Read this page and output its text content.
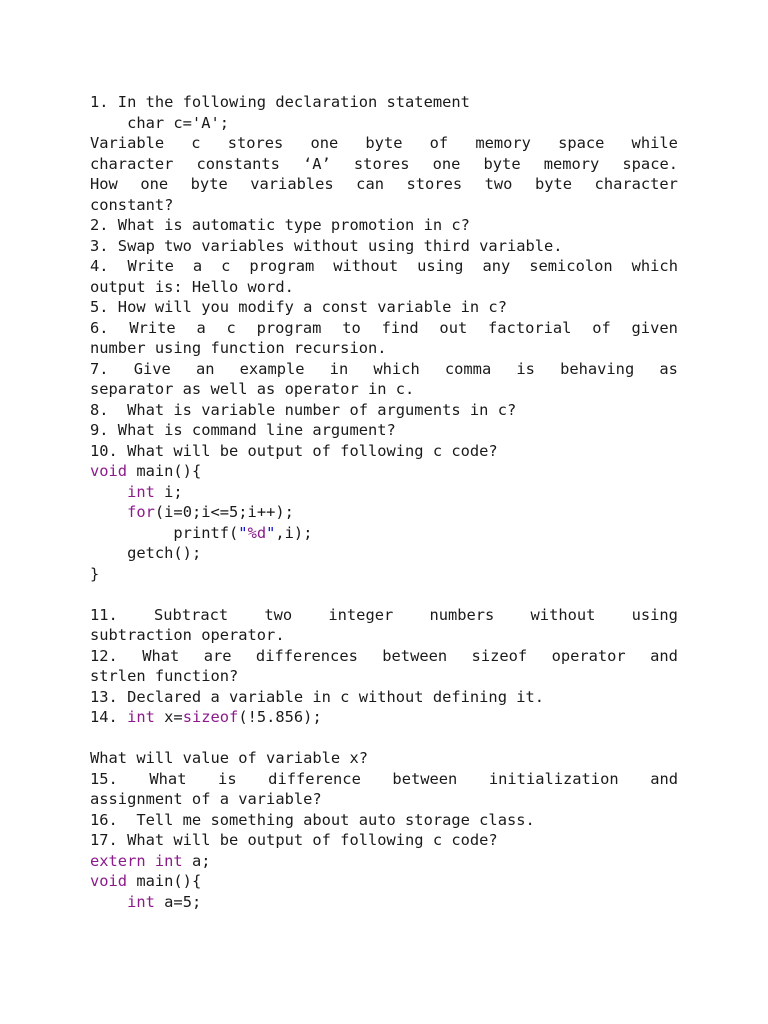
1. In the following declaration statement
char c='A';
Variable c stores one byte of memory space while
character constants ‘A’ stores one byte memory space.
How one byte variables can stores two byte character
constant?
2. What is automatic type promotion in c?
3. Swap two variables without using third variable.
4. Write a c program without using any semicolon which
output is: Hello word.
5. How will you modify a const variable in c?
6. Write a c program to find out factorial of given
number using function recursion.
7. Give an example in which comma is behaving as
separator as well as operator in c.
8.  What is variable number of arguments in c?
9. What is command line argument?
10. What will be output of following c code?
void main(){
int i;
for(i=0;i<=5;i++);
printf("%d",i);
getch();
}
11. Subtract two integer numbers without using
subtraction operator.
12. What are differences between sizeof operator and
strlen function?
13. Declared a variable in c without defining it.
14. int x=sizeof(!5.856);
What will value of variable x?
15. What is difference between initialization and
assignment of a variable?
16.  Tell me something about auto storage class.
17. What will be output of following c code?
extern int a;
void main(){
int a=5;
